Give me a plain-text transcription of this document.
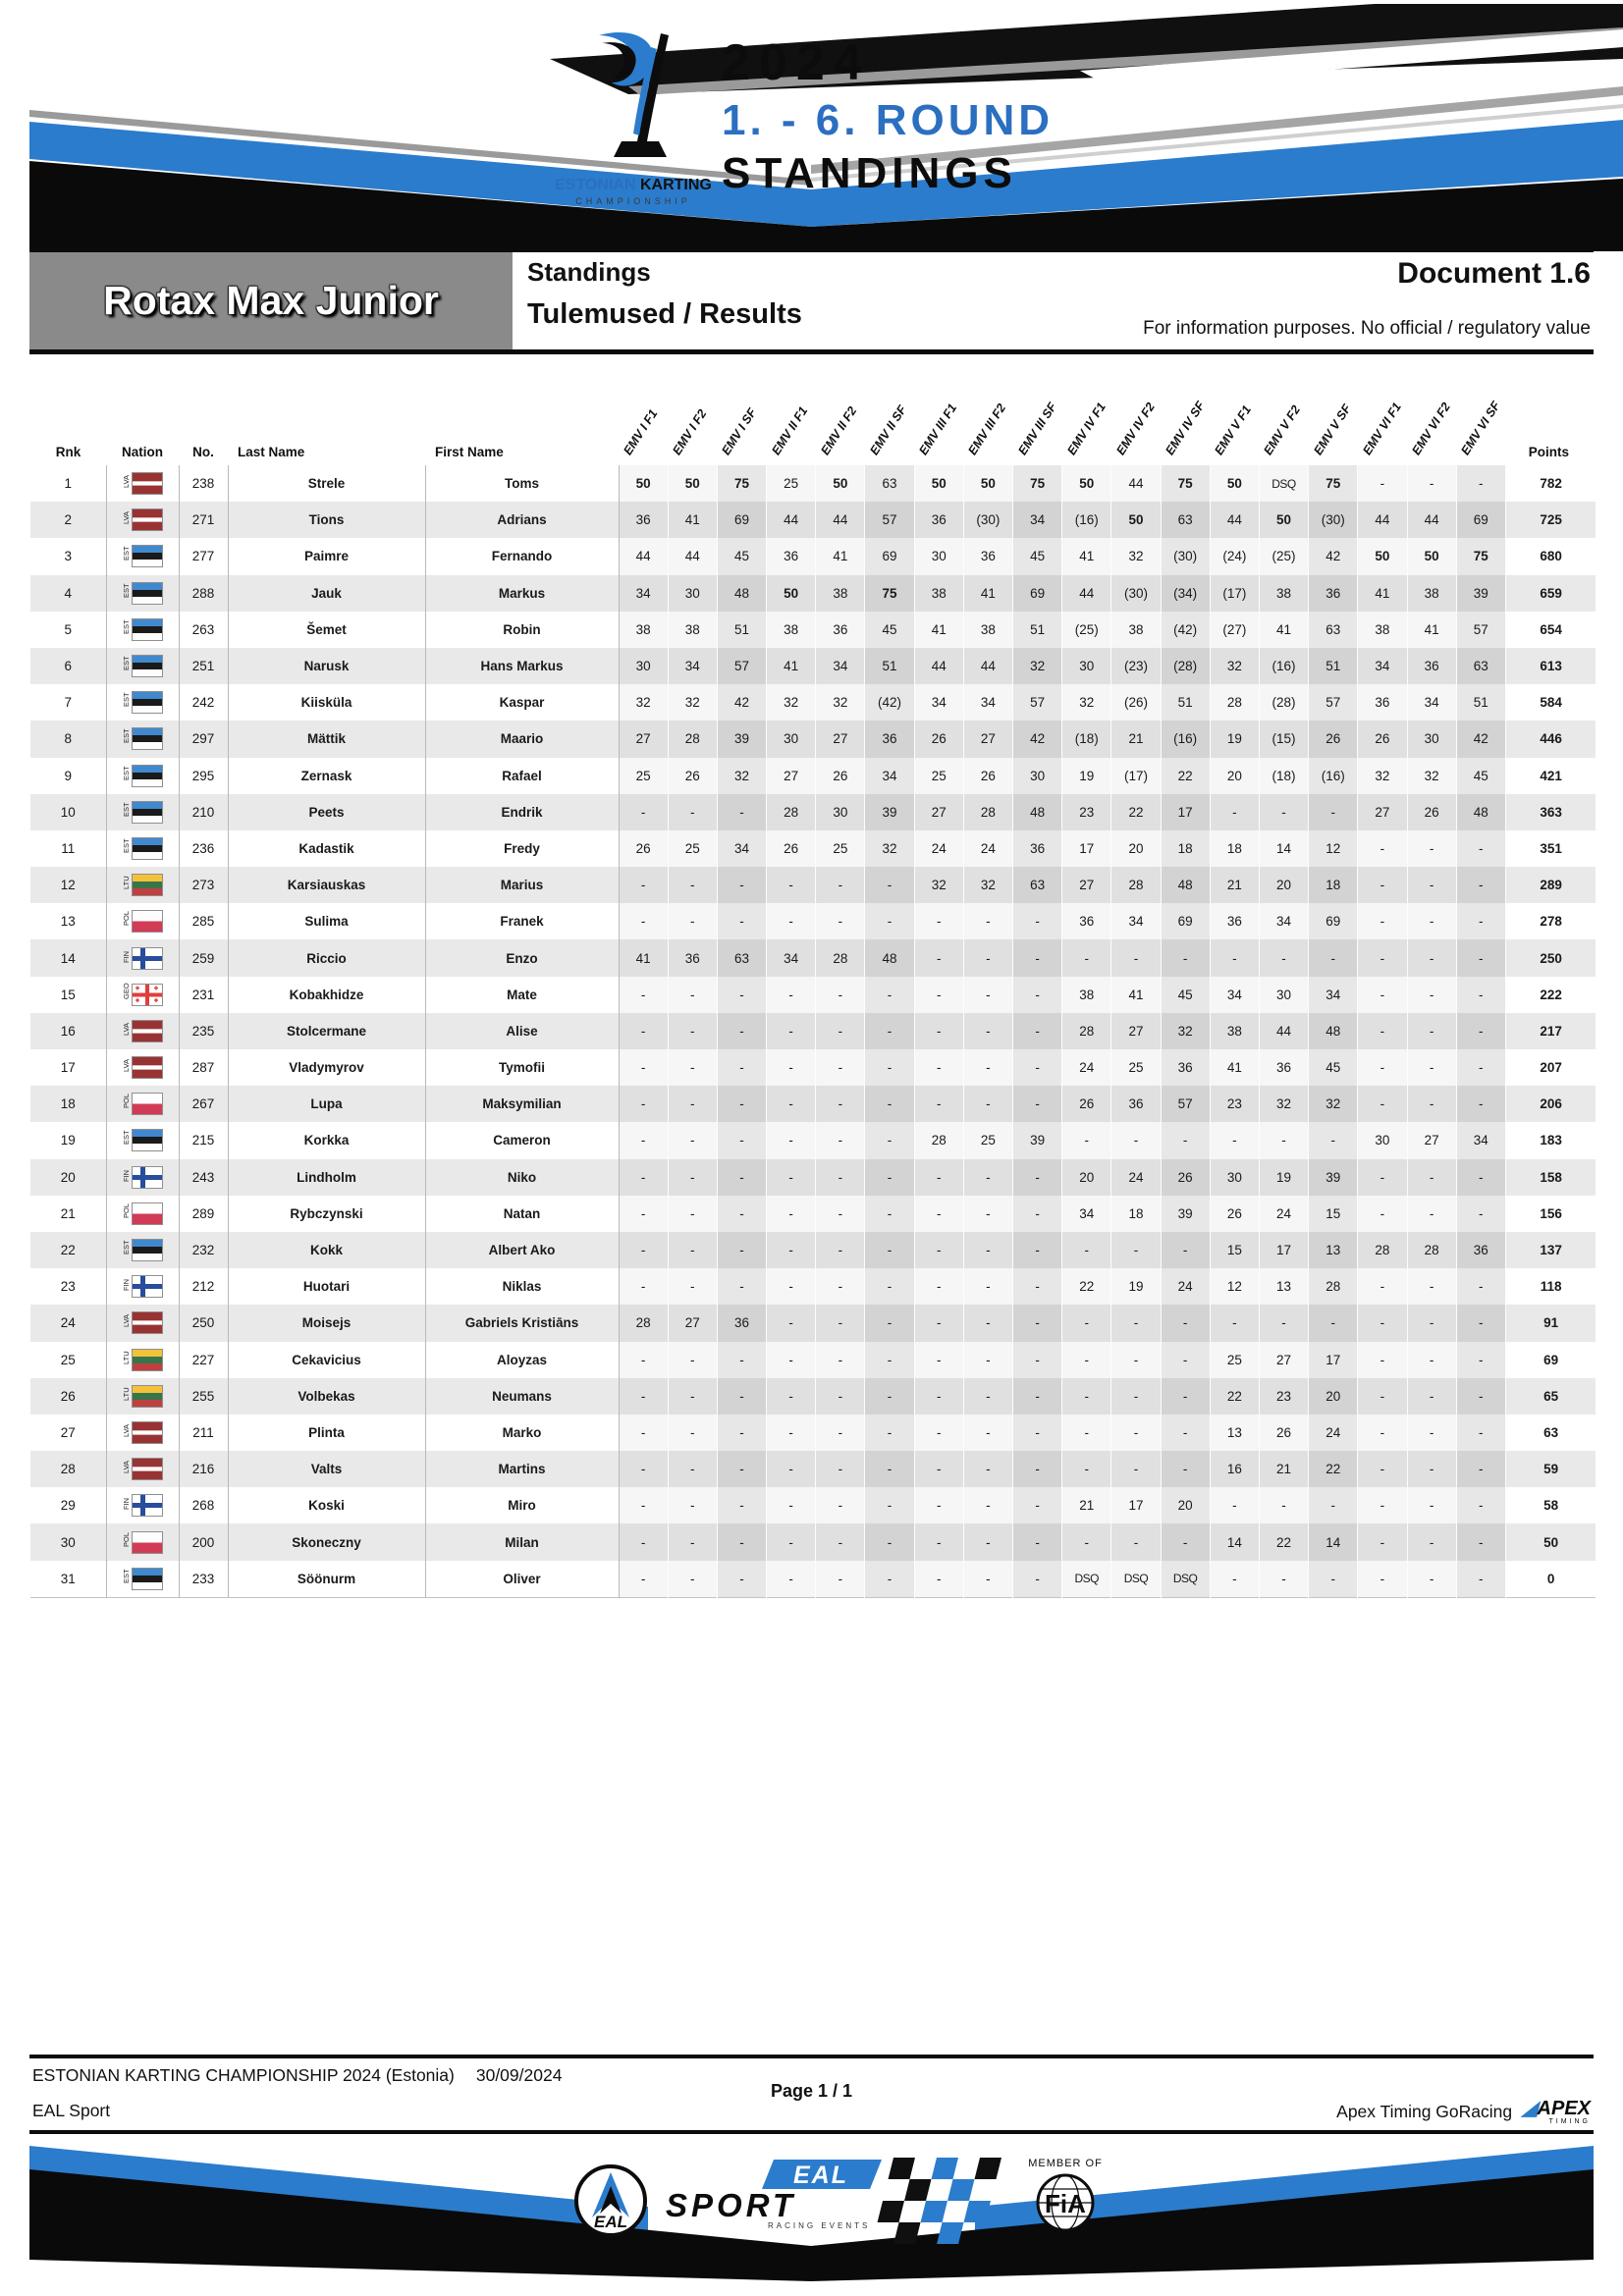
ESTONIAN KARTING
CHAMPIONSHIP
2024
1. - 6. ROUND
STANDINGS
Rotax Max Junior
Standings
Tulemused / Results
Document 1.6
For information purposes. No official / regulatory value
Rnk	Nation	No.	Last Name	First Name	EMV I F1	EMV I F2	EMV I SF	EMV II F1	EMV II F2	EMV II SF	EMV III F1	EMV III F2	EMV III SF	EMV IV F1	EMV IV F2	EMV IV SF	EMV V F1	EMV V F2	EMV V SF	EMV VI F1	EMV VI F2	EMV VI SF	Points
1	LVA	238	Strele	Toms	50	50	75	25	50	63	50	50	75	50	44	75	50	DSQ	75	-	-	-	782
2	LVA	271	Tions	Adrians	36	41	69	44	44	57	36	(30)	34	(16)	50	63	44	50	(30)	44	44	69	725
3	EST	277	Paimre	Fernando	44	44	45	36	41	69	30	36	45	41	32	(30)	(24)	(25)	42	50	50	75	680
4	EST	288	Jauk	Markus	34	30	48	50	38	75	38	41	69	44	(30)	(34)	(17)	38	36	41	38	39	659
5	EST	263	Šemet	Robin	38	38	51	38	36	45	41	38	51	(25)	38	(42)	(27)	41	63	38	41	57	654
6	EST	251	Narusk	Hans Markus	30	34	57	41	34	51	44	44	32	30	(23)	(28)	32	(16)	51	34	36	63	613
7	EST	242	Kiisküla	Kaspar	32	32	42	32	32	(42)	34	34	57	32	(26)	51	28	(28)	57	36	34	51	584
8	EST	297	Mättik	Maario	27	28	39	30	27	36	26	27	42	(18)	21	(16)	19	(15)	26	26	30	42	446
9	EST	295	Zernask	Rafael	25	26	32	27	26	34	25	26	30	19	(17)	22	20	(18)	(16)	32	32	45	421
10	EST	210	Peets	Endrik	-	-	-	28	30	39	27	28	48	23	22	17	-	-	-	27	26	48	363
11	EST	236	Kadastik	Fredy	26	25	34	26	25	32	24	24	36	17	20	18	18	14	12	-	-	-	351
12	LTU	273	Karsiauskas	Marius	-	-	-	-	-	-	32	32	63	27	28	48	21	20	18	-	-	-	289
13	POL	285	Sulima	Franek	-	-	-	-	-	-	-	-	-	36	34	69	36	34	69	-	-	-	278
14	FIN	259	Riccio	Enzo	41	36	63	34	28	48	-	-	-	-	-	-	-	-	-	-	-	-	250
15	GEO	231	Kobakhidze	Mate	-	-	-	-	-	-	-	-	-	38	41	45	34	30	34	-	-	-	222
16	LVA	235	Stolcermane	Alise	-	-	-	-	-	-	-	-	-	28	27	32	38	44	48	-	-	-	217
17	LVA	287	Vladymyrov	Tymofii	-	-	-	-	-	-	-	-	-	24	25	36	41	36	45	-	-	-	207
18	POL	267	Lupa	Maksymilian	-	-	-	-	-	-	-	-	-	26	36	57	23	32	32	-	-	-	206
19	EST	215	Korkka	Cameron	-	-	-	-	-	-	28	25	39	-	-	-	-	-	-	30	27	34	183
20	FIN	243	Lindholm	Niko	-	-	-	-	-	-	-	-	-	20	24	26	30	19	39	-	-	-	158
21	POL	289	Rybczynski	Natan	-	-	-	-	-	-	-	-	-	34	18	39	26	24	15	-	-	-	156
22	EST	232	Kokk	Albert Ako	-	-	-	-	-	-	-	-	-	-	-	-	15	17	13	28	28	36	137
23	FIN	212	Huotari	Niklas	-	-	-	-	-	-	-	-	-	22	19	24	12	13	28	-	-	-	118
24	LVA	250	Moisejs	Gabriels Kristiāns	28	27	36	-	-	-	-	-	-	-	-	-	-	-	-	-	-	-	91
25	LTU	227	Cekavicius	Aloyzas	-	-	-	-	-	-	-	-	-	-	-	-	25	27	17	-	-	-	69
26	LTU	255	Volbekas	Neumans	-	-	-	-	-	-	-	-	-	-	-	-	22	23	20	-	-	-	65
27	LVA	211	Plinta	Marko	-	-	-	-	-	-	-	-	-	-	-	-	13	26	24	-	-	-	63
28	LVA	216	Valts	Martins	-	-	-	-	-	-	-	-	-	-	-	-	16	21	22	-	-	-	59
29	FIN	268	Koski	Miro	-	-	-	-	-	-	-	-	-	21	17	20	-	-	-	-	-	-	58
30	POL	200	Skoneczny	Milan	-	-	-	-	-	-	-	-	-	-	-	-	14	22	14	-	-	-	50
31	EST	233	Söönurm	Oliver	-	-	-	-	-	-	-	-	-	DSQ	DSQ	DSQ	-	-	-	-	-	-	0
ESTONIAN KARTING CHAMPIONSHIP 2024 (Estonia) 30/09/2024
EAL Sport
Page 1 / 1
Apex Timing GoRacing ◢APEX
TIMING
EAL
EAL
SPORT
RACING EVENTS
MEMBER OF
FiA
